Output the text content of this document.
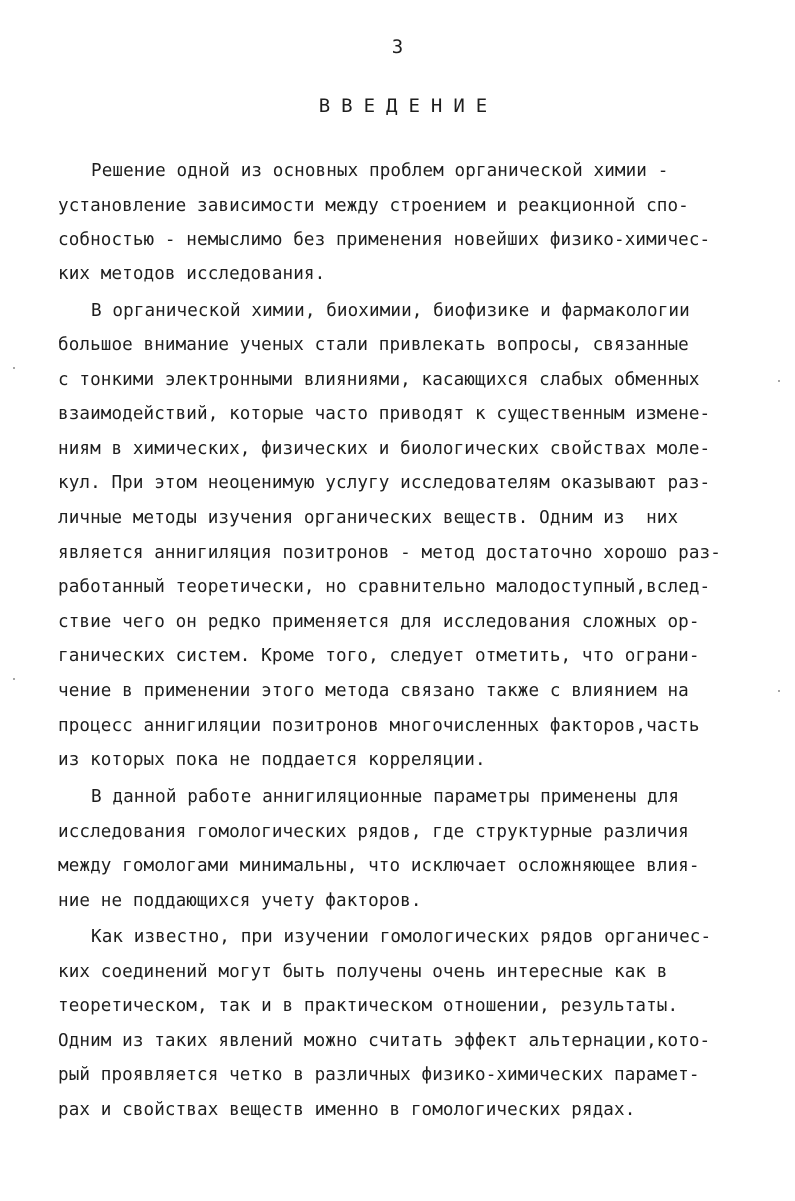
3
ВВЕДЕНИЕ
Решение одной из основных проблем органической химии -
установление зависимости между строением и реакционной спо-
собностью - немыслимо без применения новейших физико-химичес-
ких методов исследования.
В органической химии, биохимии, биофизике и фармакологии
большое внимание ученых стали привлекать вопросы, связанные
с тонкими электронными влияниями, касающихся слабых обменных
взаимодействий, которые часто приводят к существенным измене-
ниям в химических, физических и биологических свойствах моле-
кул. При этом неоценимую услугу исследователям оказывают раз-
личные методы изучения органических веществ. Одним из  них
является аннигиляция позитронов - метод достаточно хорошо раз-
работанный теоретически, но сравнительно малодоступный,вслед-
ствие чего он редко применяется для исследования сложных ор-
ганических систем. Кроме того, следует отметить, что ограни-
чение в применении этого метода связано также с влиянием на
процесс аннигиляции позитронов многочисленных факторов,часть
из которых пока не поддается корреляции.
В данной работе аннигиляционные параметры применены для
исследования гомологических рядов, где структурные различия
между гомологами минимальны, что исключает осложняющее влия-
ние не поддающихся учету факторов.
Как известно, при изучении гомологических рядов органичес-
ких соединений могут быть получены очень интересные как в
теоретическом, так и в практическом отношении, результаты.
Одним из таких явлений можно считать эффект альтернации,кото-
рый проявляется четко в различных физико-химических парамет-
рах и свойствах веществ именно в гомологических рядах.
